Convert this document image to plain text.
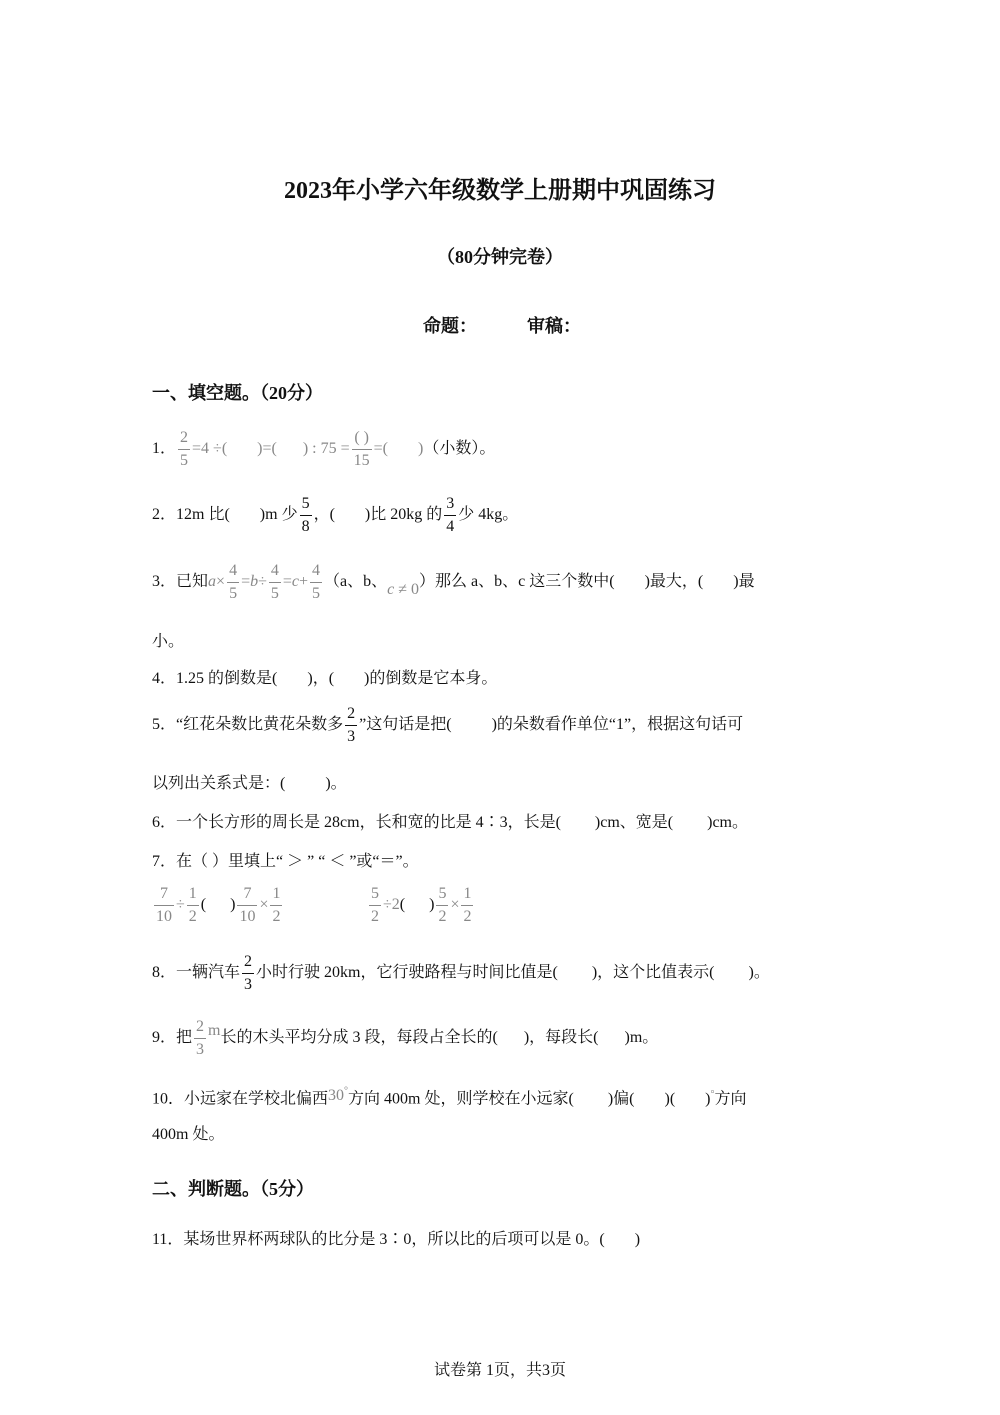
2023年小学六年级数学上册期中巩固练习
（80分钟完卷）
命题：	审稿：
一、填空题。（20分）
1． $\frac{2}{5} =4$ ÷( )=( ) : $75 = \frac{( )}{15}$ =( )（小数）。
2．12m 比( )m 少 $\frac{5}{8}$ ，( )比 20kg 的 $\frac{3}{4}$ 少 4kg。
3．已知$a\times \frac{4}{5} =b\div \frac{4}{5} =c+ \frac{4}{5} (a$、b、c ≠ 0）那么 a、b、c 这三个数中( )最大，( )最
小。
4．1.25 的倒数是( )，( )的倒数是它本身。
5．“红花朵数比黄花朵数多 $\frac{2}{3}$ ”这句话是把(	)的朵数看作单位“1”，根据这句话可
以列出关系式是：(	)。
6．一个长方形的周长是 28cm，长和宽的比是 4∶3，长是( )cm、宽是( )cm。
7．在（ ）里填上“ ＞ ” “ ＜ ”或“＝”。
$\frac{7}{10} \div \frac{1}{2}$ ( ) $\frac{7}{10} \times \frac{1}{2}$	$\frac{5}{2} \div 2$( ) $\frac{5}{2} \times \frac{1}{2}$
8．一辆汽车 $\frac{2}{3}$ 小时行驶 20km，它行驶路程与时间比值是( )，这个比值表示( )。
9．把 $\frac{2}{3}$ m长的木头平均分成 3 段，每段占全长的( )，每段长( )m。
10．小远家在学校北偏西30°方向 400m 处，则学校在小远家( )偏( )( )°方向
400m 处。
二、判断题。（5分）
11．某场世界杯两球队的比分是 3∶0，所以比的后项可以是 0。( )
试卷第 1页，共3页
